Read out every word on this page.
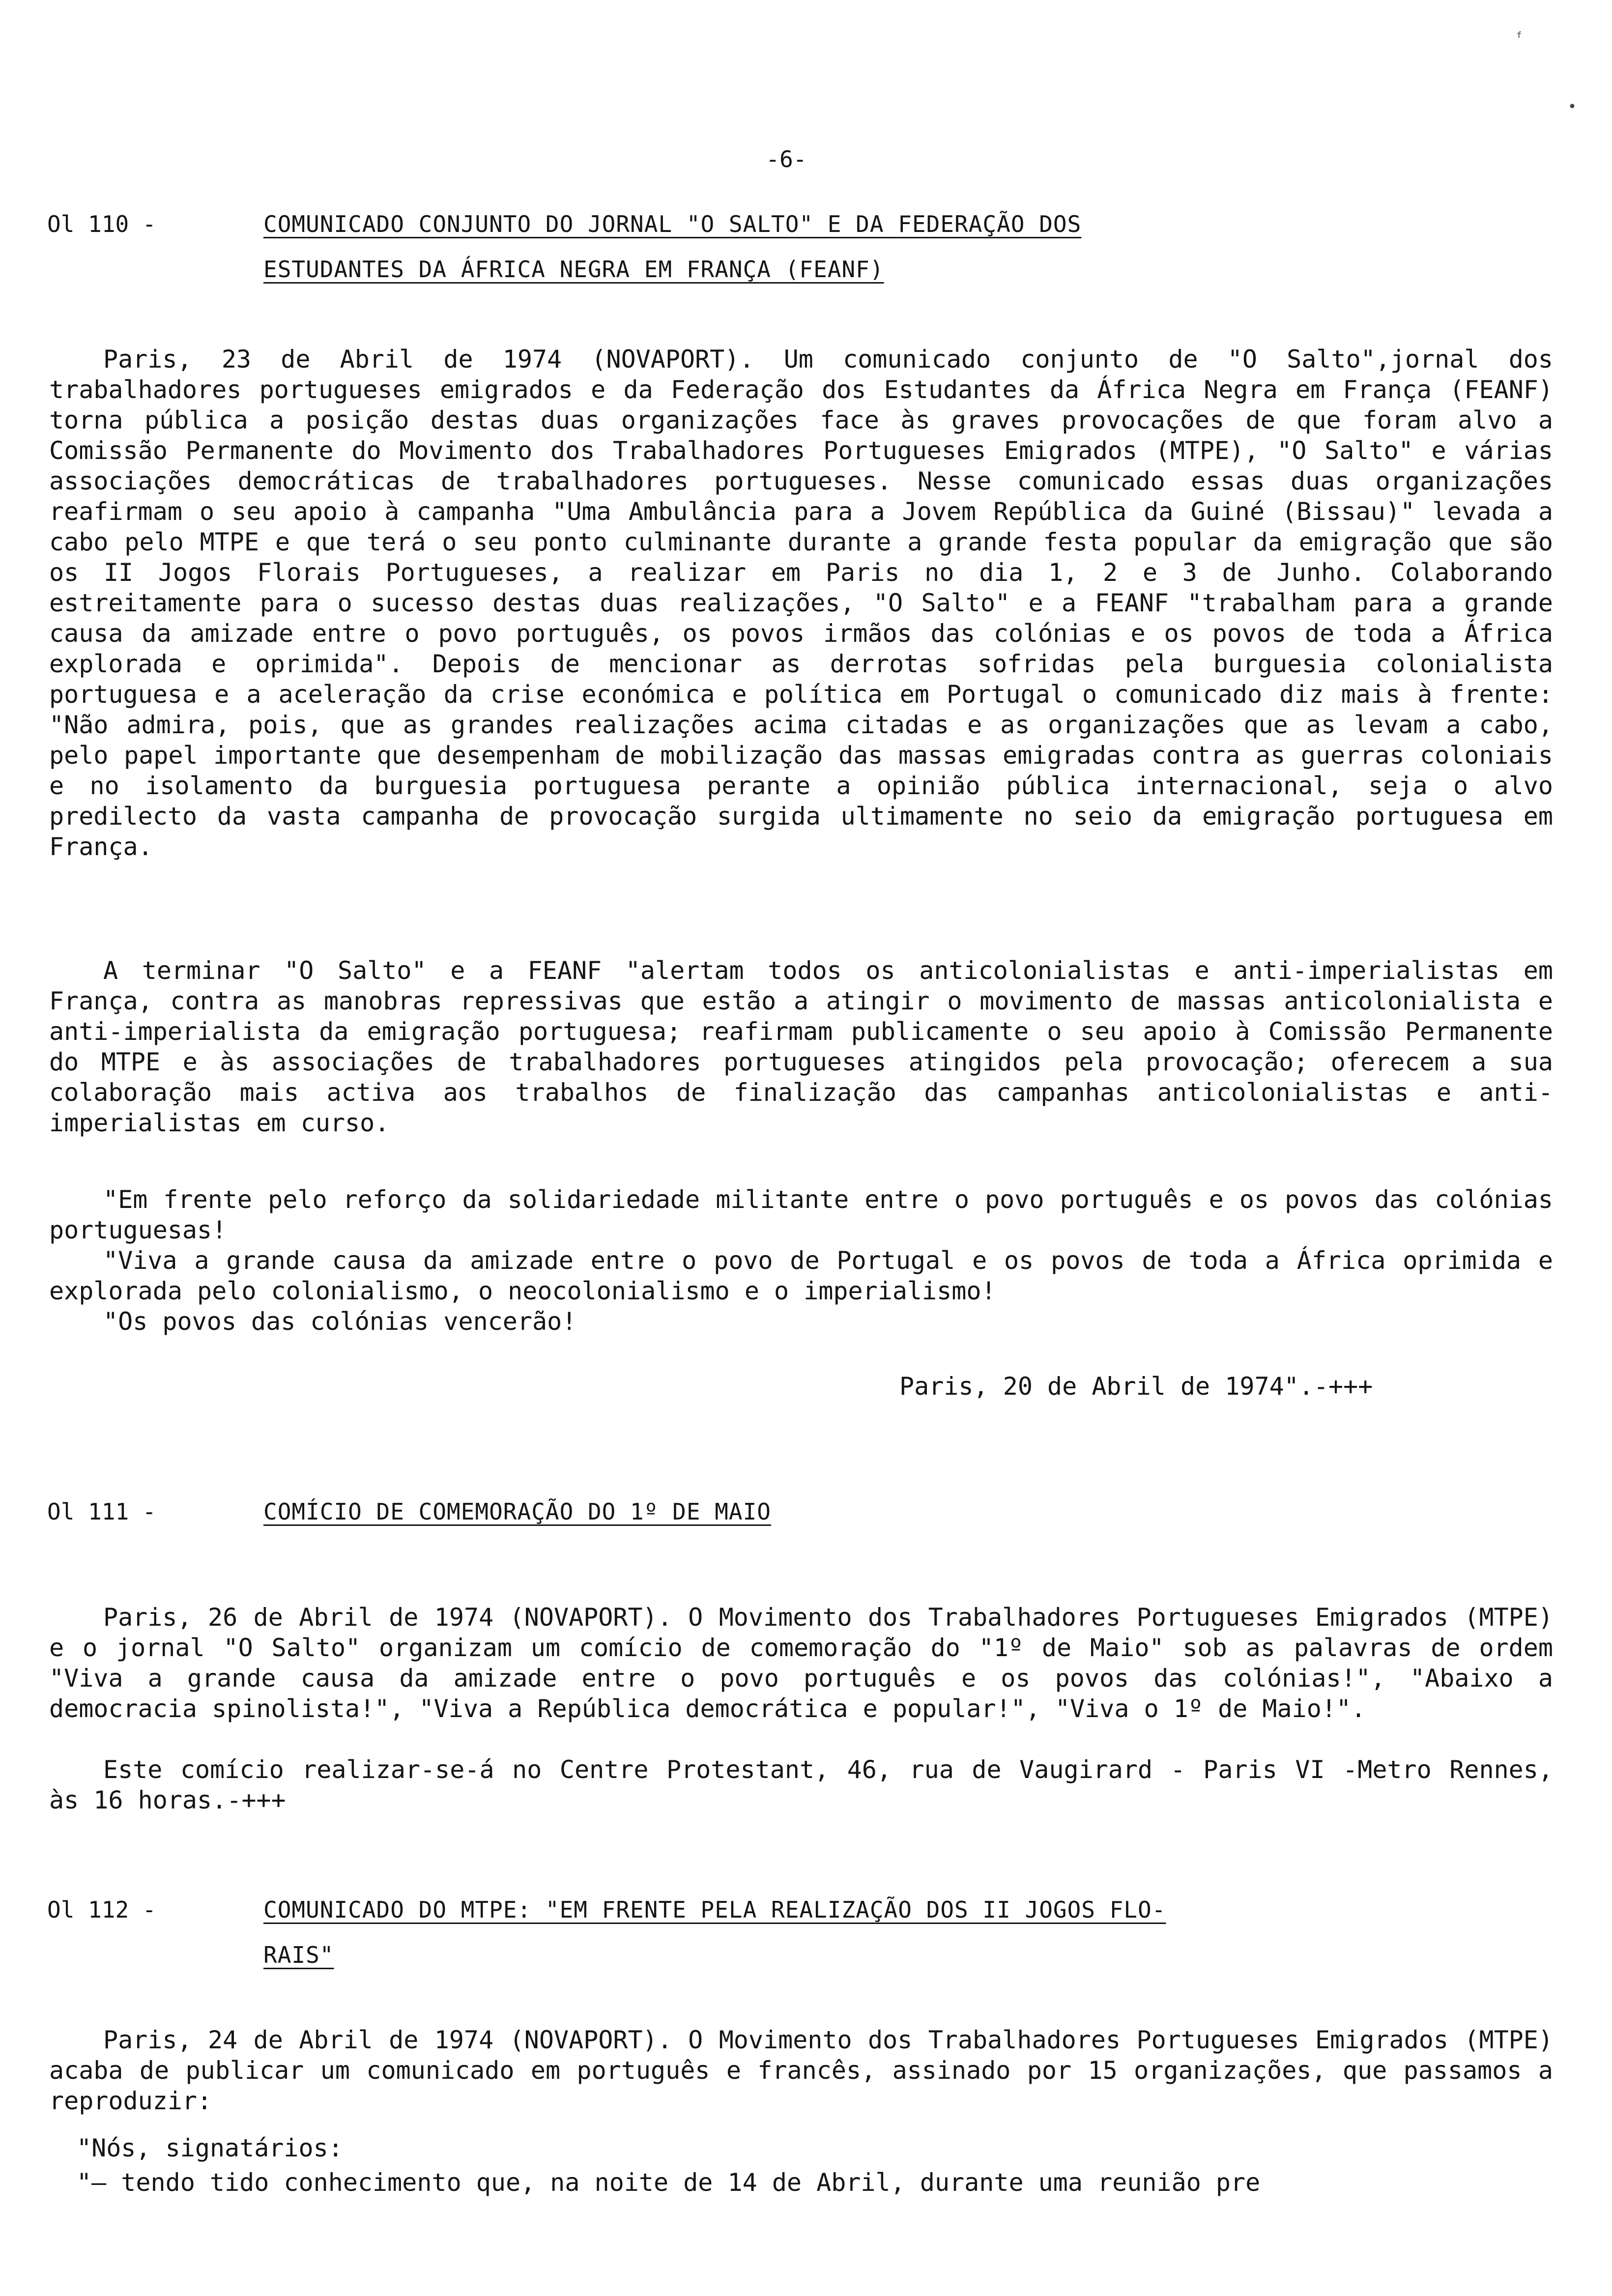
ᶠ
•
-6-
Ol 110 -	COMUNICADO CONJUNTO DO JORNAL "O SALTO" E DA FEDERAÇÃO DOS
ESTUDANTES DA ÁFRICA NEGRA EM FRANÇA (FEANF)

Paris, 23 de Abril de 1974 (NOVAPORT). Um comunicado conjunto de "O Salto",jornal dos trabalhadores portugueses emigrados e da Federação dos Estudantes da África Negra em França (FEANF) torna pública a posição destas duas organizações face às graves provocações de que foram alvo a Comissão Permanente do Movimento dos Trabalhadores Portugueses Emigrados (MTPE), "O Salto" e várias associações democráticas de trabalhadores portugueses. Nesse comunicado essas duas organizações reafirmam o seu apoio à campanha "Uma Ambulância para a Jovem República da Guiné (Bissau)" levada a cabo pelo MTPE e que terá o seu ponto culminante durante a grande festa popular da emigração que são os II Jogos Florais Portugueses, a realizar em Paris no dia 1, 2 e 3 de Junho. Colaborando estreitamente para o sucesso destas duas realizações, "O Salto" e a FEANF "trabalham para a grande causa da amizade entre o povo português, os povos irmãos das colónias e os povos de toda a África explorada e oprimida". Depois de mencionar as derrotas sofridas pela burguesia colonialista portuguesa e a aceleração da crise económica e política em Portugal o comunicado diz mais à frente: "Não admira, pois, que as grandes realizações acima citadas e as organizações que as levam a cabo, pelo papel importante que desempenham de mobilização das massas emigradas contra as guerras coloniais e no isolamento da burguesia portuguesa perante a opinião pública internacional, seja o alvo predilecto da vasta campanha de provocação surgida ultimamente no seio da emigração portuguesa em França.

A terminar "O Salto" e a FEANF "alertam todos os anticolonialistas e anti-imperialistas em França, contra as manobras repressivas que estão a atingir o movimento de massas anticolonialista e anti-imperialista da emigração portuguesa; reafirmam publicamente o seu apoio à Comissão Permanente do MTPE e às associações de trabalhadores portugueses atingidos pela provocação; oferecem a sua colaboração mais activa aos trabalhos de finalização das campanhas anticolonialistas e anti-imperialistas em curso.

"Em frente pelo reforço da solidariedade militante entre o povo português e os povos das colónias portuguesas!

"Viva a grande causa da amizade entre o povo de Portugal e os povos de toda a África oprimida e explorada pelo colonialismo, o neocolonialismo e o imperialismo!

"Os povos das colónias vencerão!

Paris, 20 de Abril de 1974".-+++
Ol 111 -	COMÍCIO DE COMEMORAÇÃO DO 1º DE MAIO

Paris, 26 de Abril de 1974 (NOVAPORT). O Movimento dos Trabalhadores Portugueses Emigrados (MTPE) e o jornal "O Salto" organizam um comício de comemoração do "1º de Maio" sob as palavras de ordem "Viva a grande causa da amizade entre o povo português e os povos das colónias!", "Abaixo a democracia spinolista!", "Viva a República democrática e popular!", "Viva o 1º de Maio!".

Este comício realizar-se-á no Centre Protestant, 46, rua de Vaugirard - Paris VI -Metro Rennes, às 16 horas.-+++

Ol 112 -	COMUNICADO DO MTPE: "EM FRENTE PELA REALIZAÇÃO DOS II JOGOS FLO-
RAIS"

Paris, 24 de Abril de 1974 (NOVAPORT). O Movimento dos Trabalhadores Portugueses Emigrados (MTPE) acaba de publicar um comunicado em português e francês, assinado por 15 organizações, que passamos a reproduzir:

"Nós, signatários:

"— tendo tido conhecimento que, na noite de 14 de Abril, durante uma reunião pre
